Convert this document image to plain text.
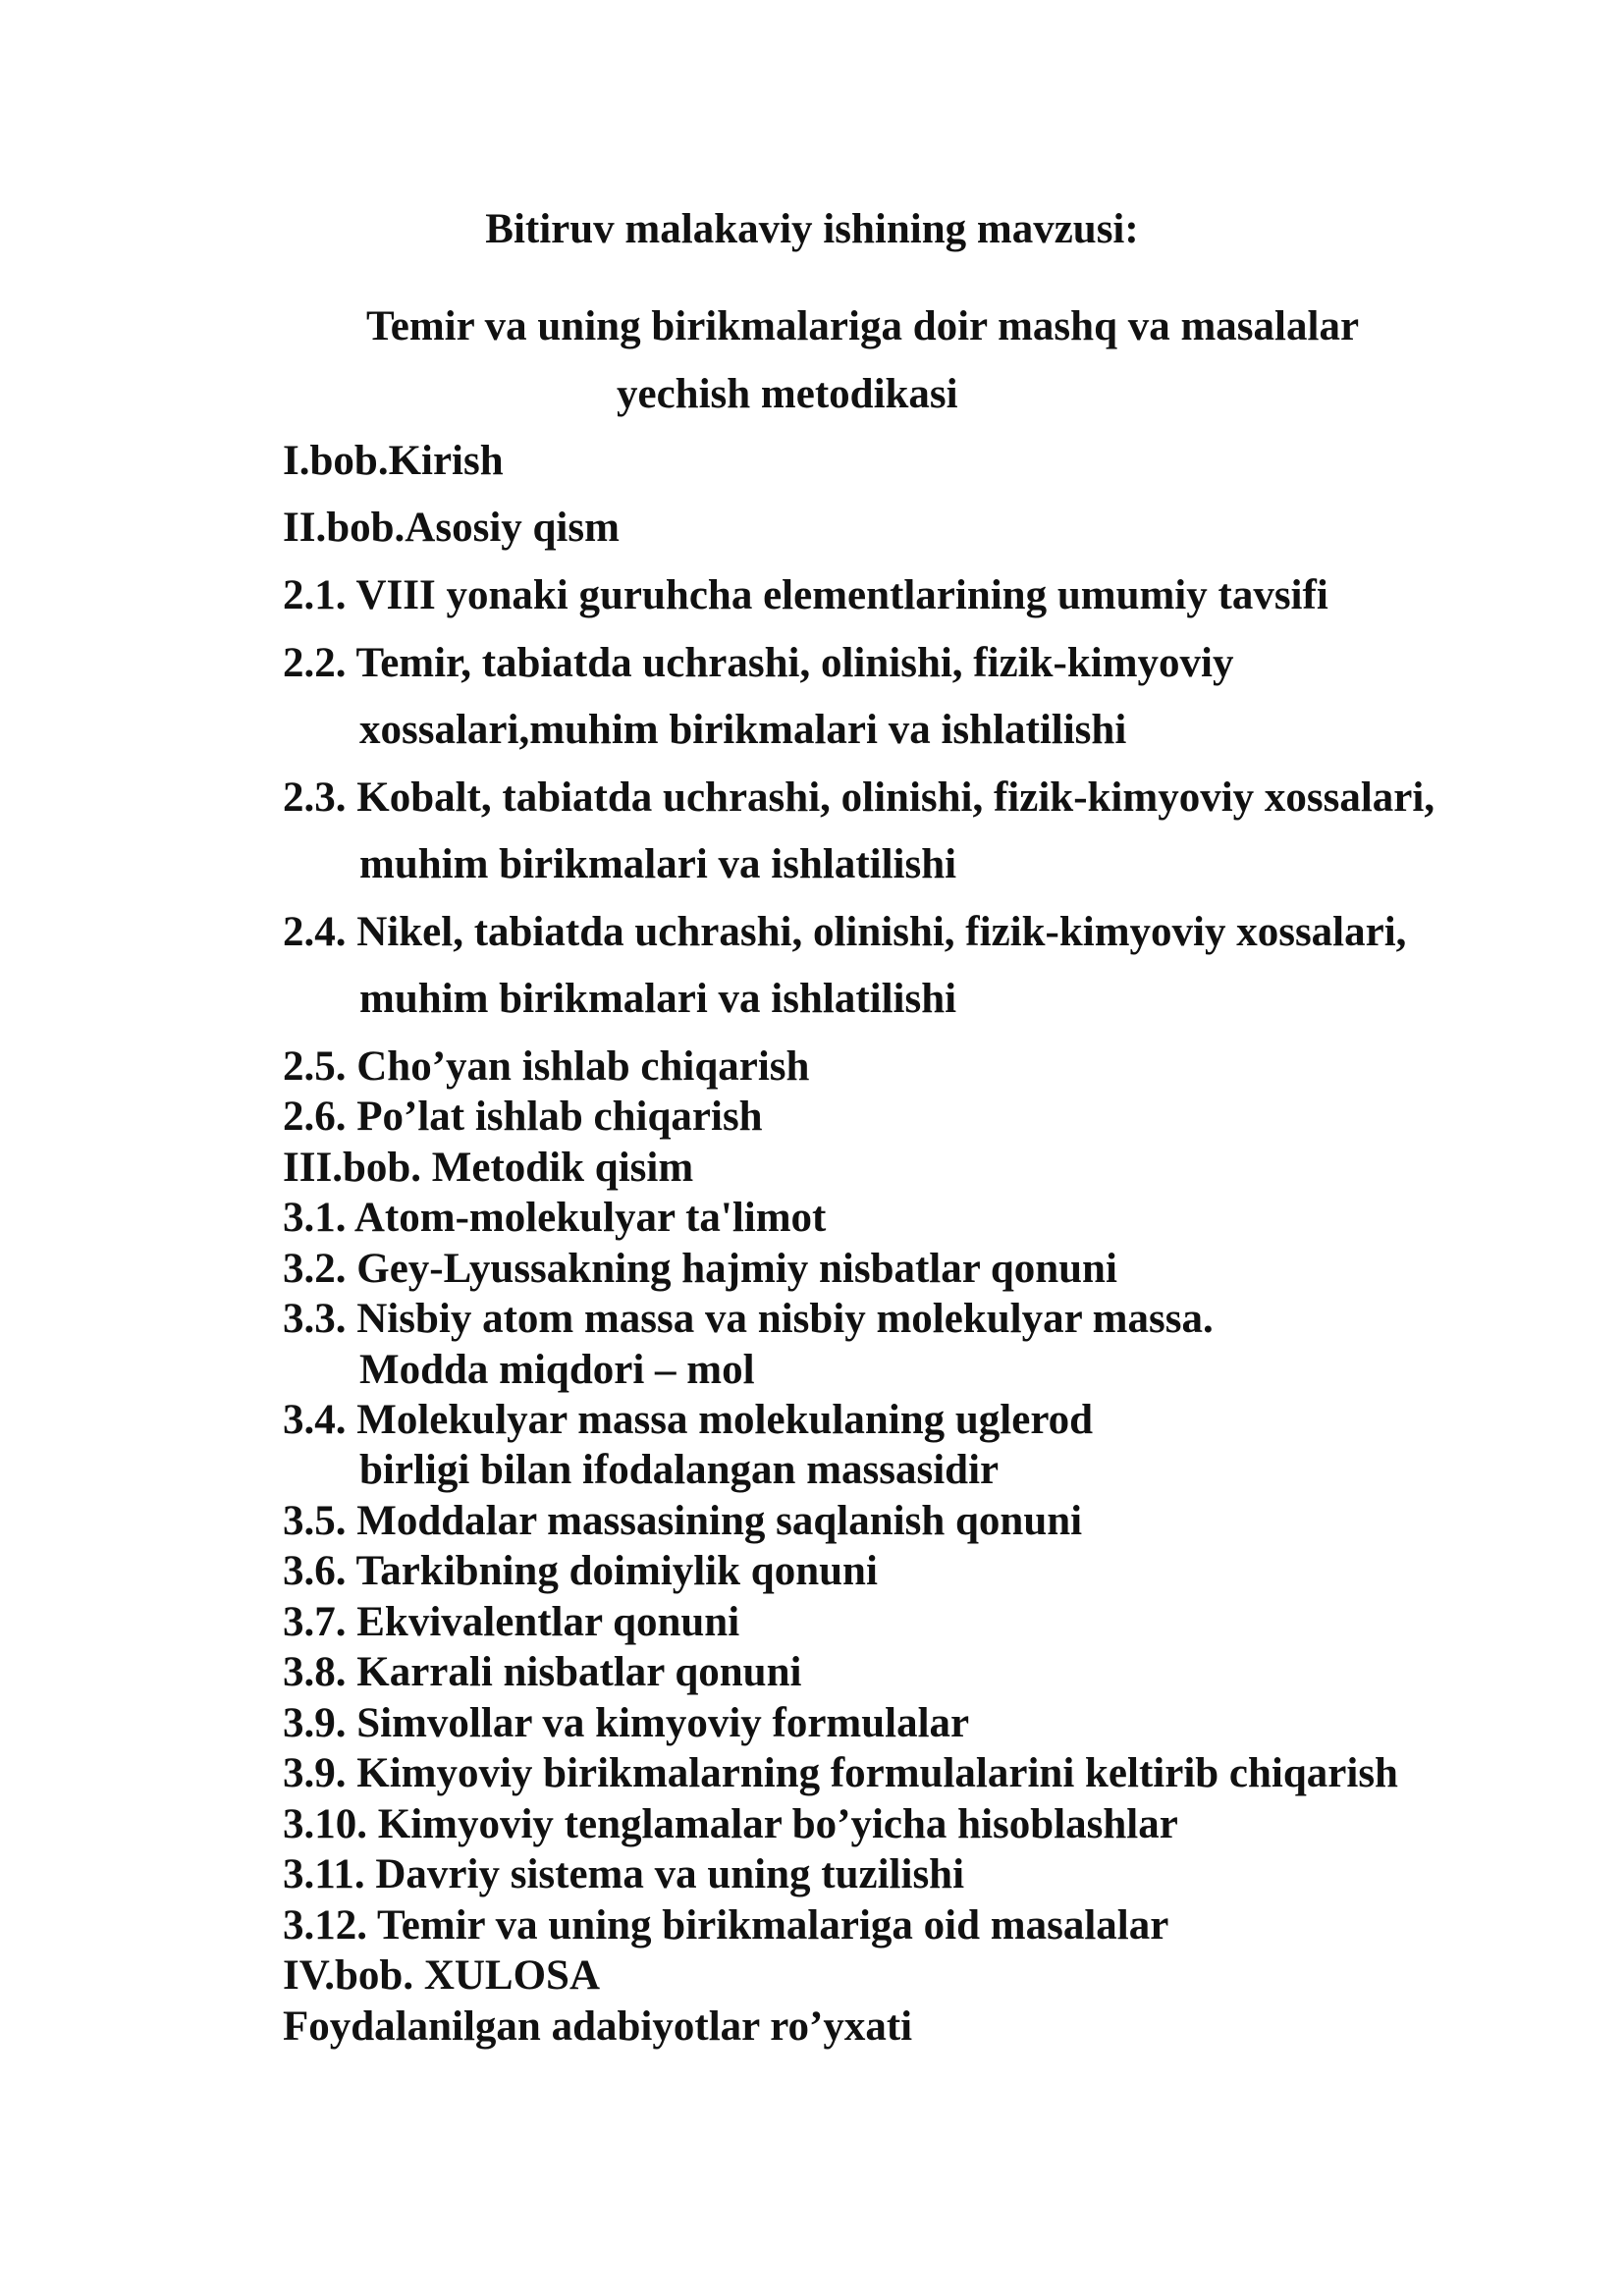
Bitiruv malakaviy ishining mavzusi:
Temir va uning birikmalariga doir mashq va masalalar
yechish metodikasi
I.bob.Kirish
II.bob.Asosiy qism
2.1. VIII yonaki guruhcha elementlarining umumiy tavsifi
2.2. Temir, tabiatda uchrashi, olinishi, fizik-kimyoviy
xossalari,muhim birikmalari va ishlatilishi
2.3. Kobalt, tabiatda uchrashi, olinishi, fizik-kimyoviy xossalari,
muhim birikmalari va ishlatilishi
2.4. Nikel, tabiatda uchrashi, olinishi, fizik-kimyoviy xossalari,
muhim birikmalari va ishlatilishi
2.5. Cho’yan ishlab chiqarish
2.6. Po’lat ishlab chiqarish
III.bob. Metodik qisim
3.1. Atom-molekulyar ta'limot
3.2. Gey-Lyussakning hajmiy nisbatlar qonuni
3.3. Nisbiy atom massa va nisbiy molekulyar massa.
Modda miqdori – mol
3.4. Molekulyar massa molekulaning uglerod
birligi bilan ifodalangan massasidir
3.5. Moddalar massasining saqlanish qonuni
3.6. Tarkibning doimiylik qonuni
3.7. Ekvivalentlar qonuni
3.8. Karrali nisbatlar qonuni
3.9. Simvollar va kimyoviy formulalar
3.9. Kimyoviy birikmalarning formulalarini keltirib chiqarish
3.10. Kimyoviy tenglamalar bo’yicha hisoblashlar
3.11. Davriy sistema va uning tuzilishi
3.12. Temir va uning birikmalariga oid masalalar
IV.bob. XULOSA
Foydalanilgan adabiyotlar ro’yxati
